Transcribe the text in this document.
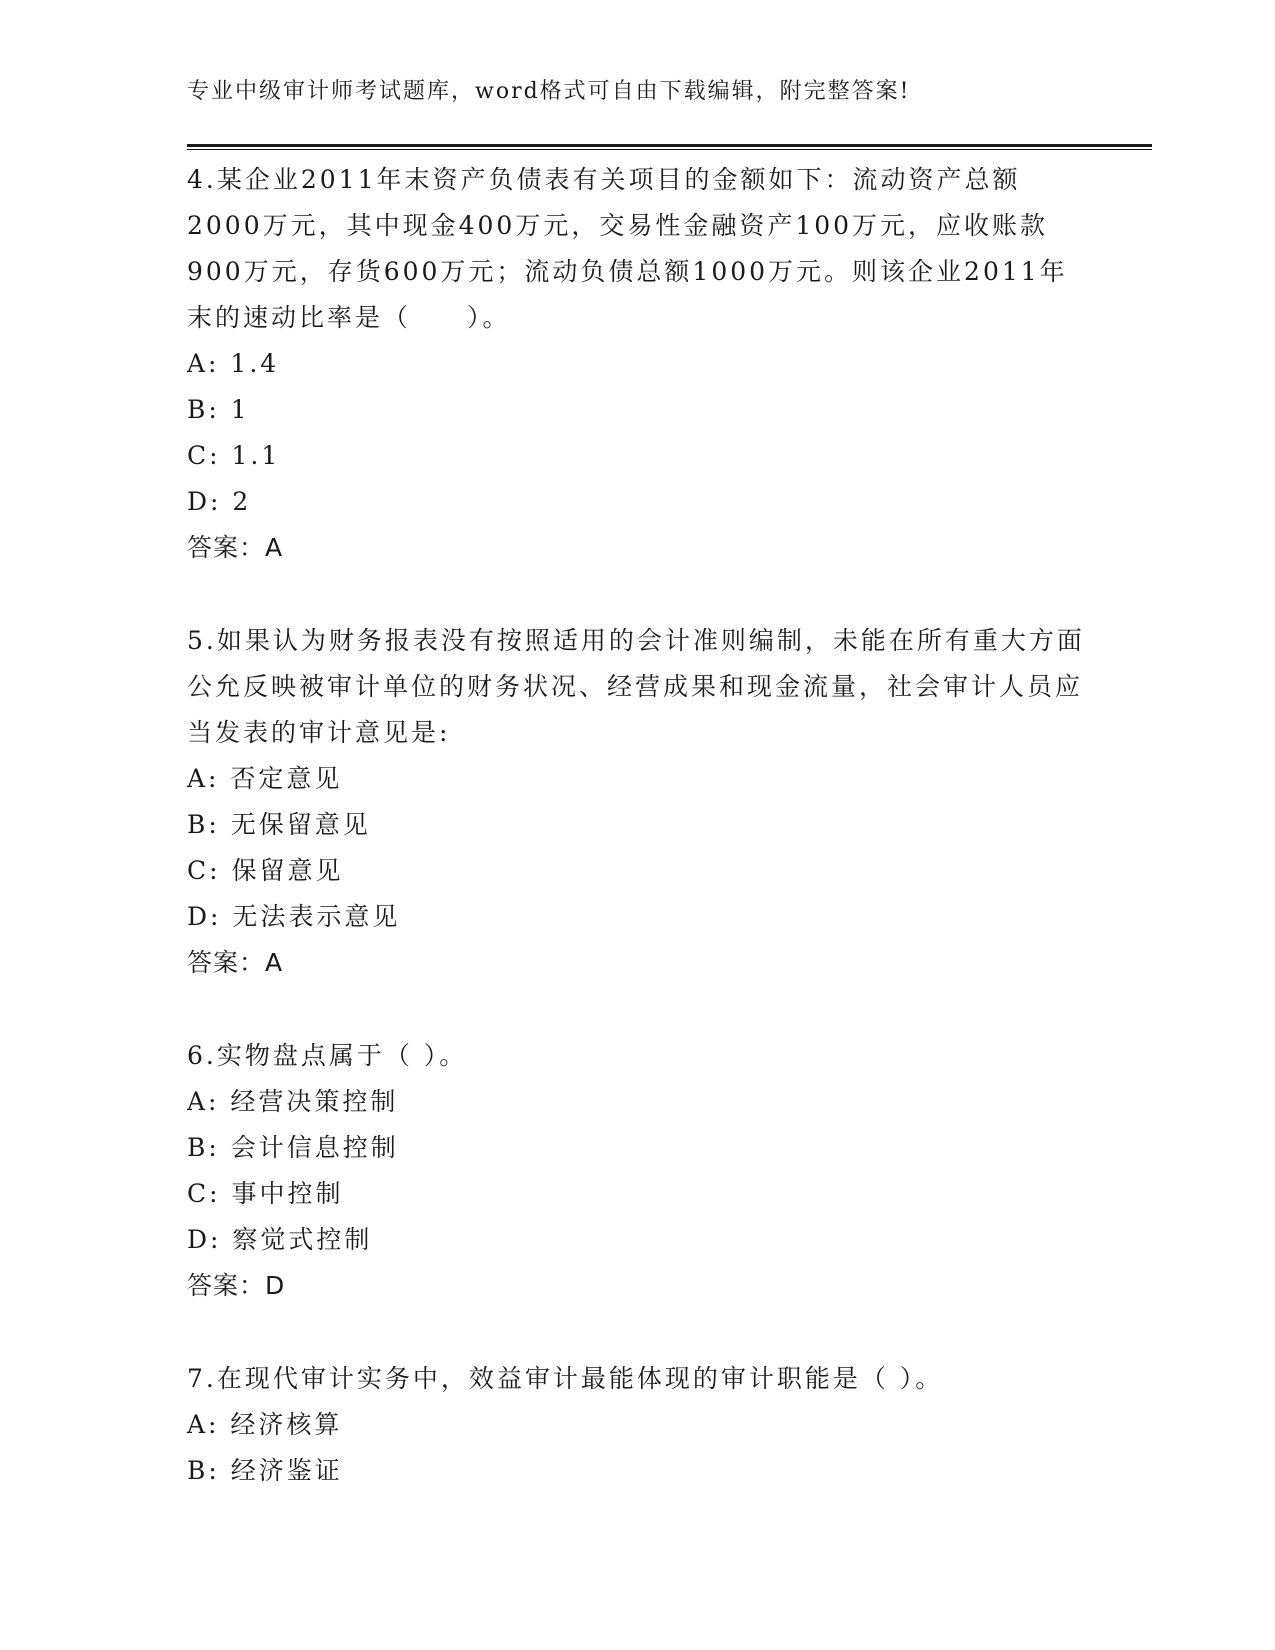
专业中级审计师考试题库，word格式可自由下载编辑，附完整答案!

4.某企业2011年末资产负债表有关项目的金额如下：流动资产总额2000万元，其中现金400万元，交易性金融资产100万元，应收账款900万元，存货600万元；流动负债总额1000万元。则该企业2011年末的速动比率是（　　）。

A: 1.4

B: 1

C: 1.1

D: 2

答案：A

5.如果认为财务报表没有按照适用的会计准则编制，未能在所有重大方面公允反映被审计单位的财务状况、经营成果和现金流量，社会审计人员应当发表的审计意见是:

A: 否定意见

B: 无保留意见

C: 保留意见

D: 无法表示意见

答案：A

6.实物盘点属于（ ）。

A: 经营决策控制

B: 会计信息控制

C: 事中控制

D: 察觉式控制

答案：D

7.在现代审计实务中，效益审计最能体现的审计职能是（ ）。

A: 经济核算

B: 经济鉴证
